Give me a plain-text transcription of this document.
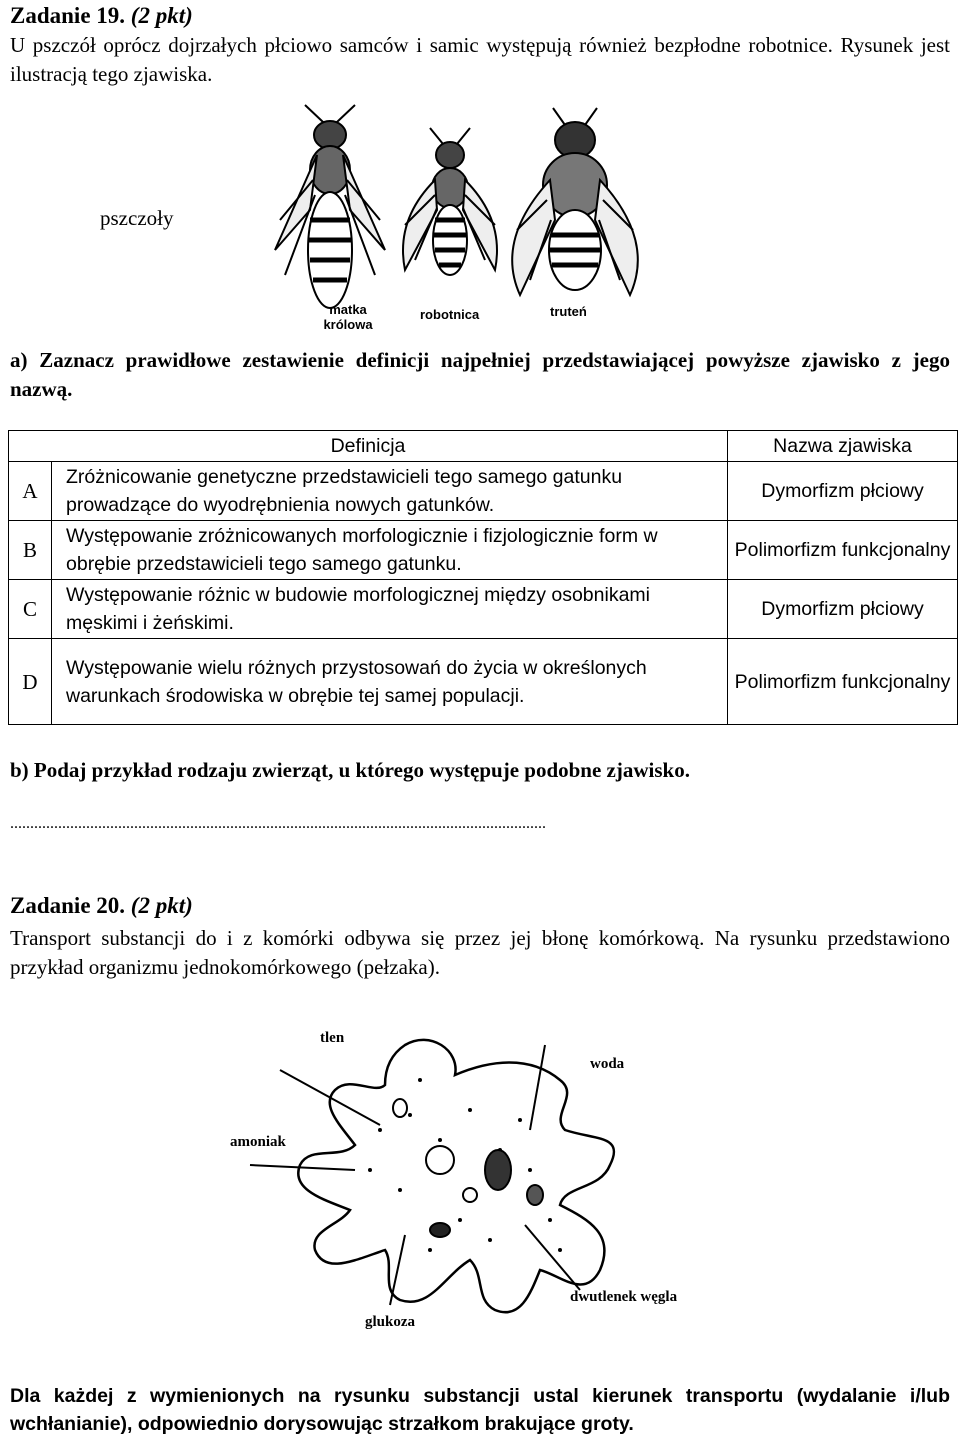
Zadanie 19. (2 pkt)
U pszczół oprócz dojrzałych płciowo samców i samic występują również bezpłodne robotnice. Rysunek jest ilustracją tego zjawiska.
pszczoły
matka królowa
robotnica	truteń
a) Zaznacz prawidłowe zestawienie definicji najpełniej przedstawiającej powyższe zjawisko z jego nazwą.
Definicja		Nazwa zjawiska
A	Zróżnicowanie genetyczne przedstawicieli tego samego gatunku prowadzące do wyodrębnienia nowych gatunków.	Dymorfizm płciowy
B	Występowanie zróżnicowanych morfologicznie i fizjologicznie form w obrębie przedstawicieli tego samego gatunku.	Polimorfizm funkcjonalny
C	Występowanie różnic w budowie morfologicznej między osobnikami męskimi i żeńskimi.	Dymorfizm płciowy
D	Występowanie wielu różnych przystosowań do życia w określonych warunkach środowiska w obrębie tej samej populacji.	Polimorfizm funkcjonalny
b) Podaj przykład rodzaju zwierząt, u którego występuje podobne zjawisko.
......................................................................................................................................
Zadanie 20. (2 pkt)
Transport substancji do i z komórki odbywa się przez jej błonę komórkową. Na rysunku przedstawiono przykład organizmu jednokomórkowego (pełzaka).
tlen
woda
amoniak
glukoza
dwutlenek węgla
Dla każdej z wymienionych na rysunku substancji ustal kierunek transportu (wydalanie i/lub wchłanianie), odpowiednio dorysowując strzałkom brakujące groty.
